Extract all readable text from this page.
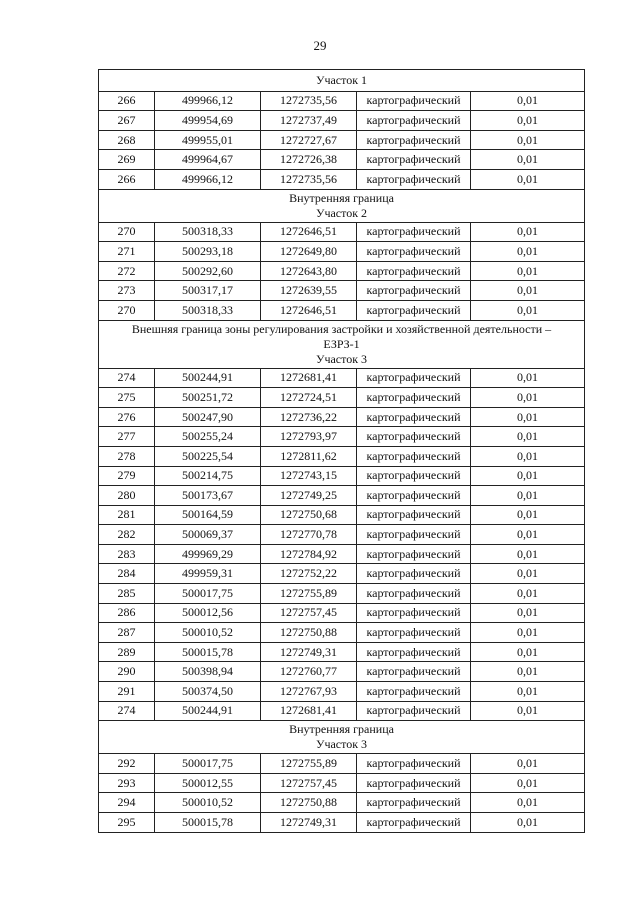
29
Участок 1				

266	499966,12	1272735,56	картографический	0,01
267	499954,69	1272737,49	картографический	0,01
268	499955,01	1272727,67	картографический	0,01
269	499964,67	1272726,38	картографический	0,01
266	499966,12	1272735,56	картографический	0,01

Внутренняя граница
Участок 2				

270	500318,33	1272646,51	картографический	0,01
271	500293,18	1272649,80	картографический	0,01
272	500292,60	1272643,80	картографический	0,01
273	500317,17	1272639,55	картографический	0,01
270	500318,33	1272646,51	картографический	0,01

Внешняя граница зоны регулирования застройки и хозяйственной деятельности –
ЕЗРЗ-1
Участок 3				

274	500244,91	1272681,41	картографический	0,01
275	500251,72	1272724,51	картографический	0,01
276	500247,90	1272736,22	картографический	0,01
277	500255,24	1272793,97	картографический	0,01
278	500225,54	1272811,62	картографический	0,01
279	500214,75	1272743,15	картографический	0,01
280	500173,67	1272749,25	картографический	0,01
281	500164,59	1272750,68	картографический	0,01
282	500069,37	1272770,78	картографический	0,01
283	499969,29	1272784,92	картографический	0,01
284	499959,31	1272752,22	картографический	0,01
285	500017,75	1272755,89	картографический	0,01
286	500012,56	1272757,45	картографический	0,01
287	500010,52	1272750,88	картографический	0,01
289	500015,78	1272749,31	картографический	0,01
290	500398,94	1272760,77	картографический	0,01
291	500374,50	1272767,93	картографический	0,01
274	500244,91	1272681,41	картографический	0,01

Внутренняя граница
Участок 3				

292	500017,75	1272755,89	картографический	0,01
293	500012,55	1272757,45	картографический	0,01
294	500010,52	1272750,88	картографический	0,01
295	500015,78	1272749,31	картографический	0,01
